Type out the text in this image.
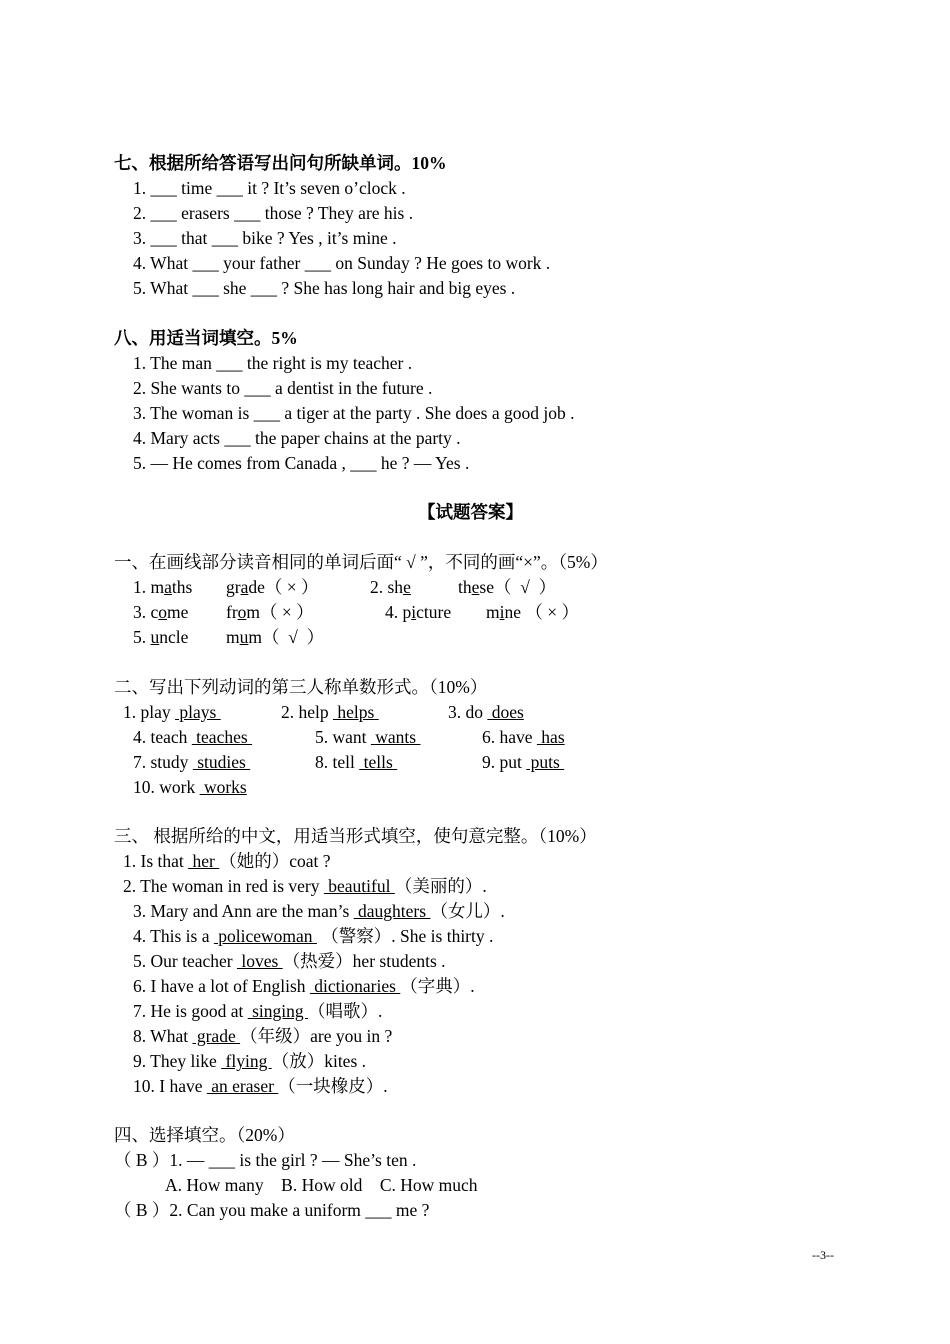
七、根据所给答语写出问句所缺单词。10%
1. ___ time ___ it ? It’s seven o’clock .
2. ___ erasers ___ those ? They are his .
3. ___ that ___ bike ? Yes , it’s mine .
4. What ___ your father ___ on Sunday ? He goes to work .
5. What ___ she ___ ? She has long hair and big eyes .
八、用适当词填空。5%
1. The man ___ the right is my teacher .
2. She wants to ___ a dentist in the future .
3. The woman is ___ a tiger at the party . She does a good job .
4. Mary acts ___ the paper chains at the party .
5. — He comes from Canada , ___ he ? — Yes .
【试题答案】
一、在画线部分读音相同的单词后面“ √ ”，不同的画“×”。（5%）
1. maths grade（ × ）	2. she	these（  √  ）
3. come from（ × ）	4. picture mine （ × ）
5. uncle mum（  √  ）
二、写出下列动词的第三人称单数形式。（10%）
1. play  plays	2. help  helps	3. do  does
4. teach  teaches	5. want  wants	6. have  has
7. study  studies	8. tell  tells	9. put  puts
10. work  works
三、 根据所给的中文，用适当形式填空，使句意完整。（10%）
1. Is that  her （她的）coat ?
2. The woman in red is very  beautiful （美丽的）.
3. Mary and Ann are the man’s  daughters （女儿）.
4. This is a  policewoman  （警察）. She is thirty .
5. Our teacher  loves （热爱）her students .
6. I have a lot of English  dictionaries （字典）.
7. He is good at  singing （唱歌）.
8. What  grade （年级）are you in ?
9. They like  flying （放）kites .
10. I have  an eraser （一块橡皮）.
四、选择填空。（20%）
（ B ）1. — ___ is the girl ? — She’s ten .
A. How many    B. How old    C. How much
（ B ）2. Can you make a uniform ___ me ?
--3--
